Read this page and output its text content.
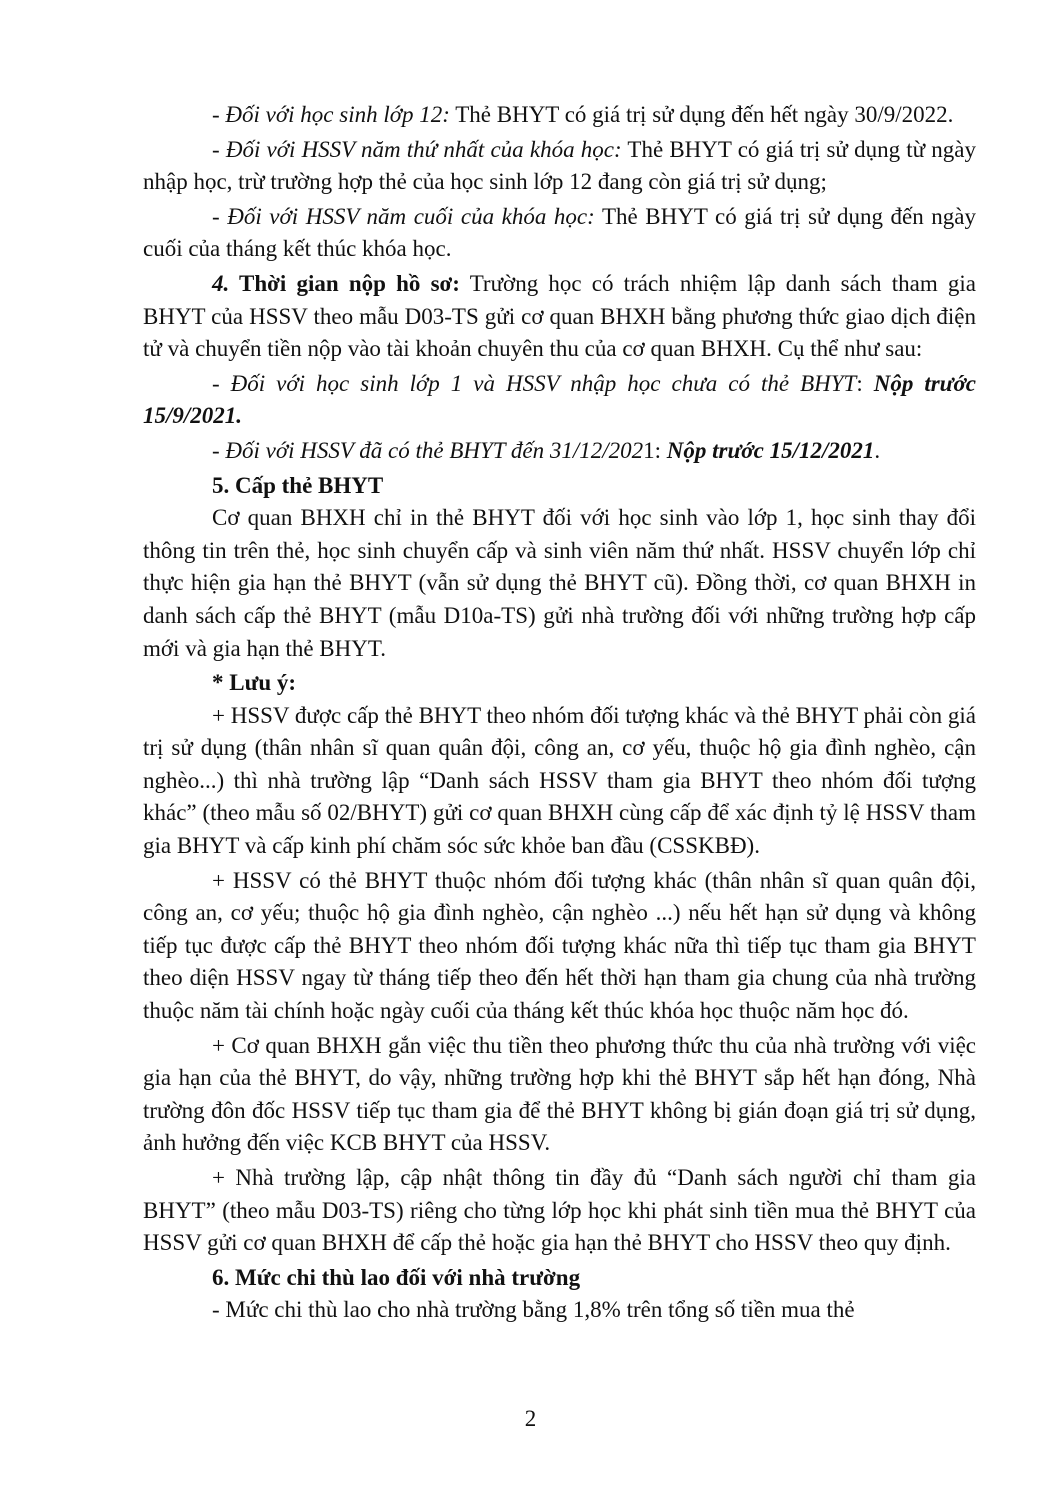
- Đối với học sinh lớp 12: Thẻ BHYT có giá trị sử dụng đến hết ngày 30/9/2022.

- Đối với HSSV năm thứ nhất của khóa học: Thẻ BHYT có giá trị sử dụng từ ngày nhập học, trừ trường hợp thẻ của học sinh lớp 12 đang còn giá trị sử dụng;

- Đối với HSSV năm cuối của khóa học: Thẻ BHYT có giá trị sử dụng đến ngày cuối của tháng kết thúc khóa học.

4. Thời gian nộp hồ sơ: Trường học có trách nhiệm lập danh sách tham gia BHYT của HSSV theo mẫu D03-TS gửi cơ quan BHXH bằng phương thức giao dịch điện tử và chuyển tiền nộp vào tài khoản chuyên thu của cơ quan BHXH. Cụ thể như sau:

- Đối với học sinh lớp 1 và HSSV nhập học chưa có thẻ BHYT: Nộp trước 15/9/2021.

- Đối với HSSV đã có thẻ BHYT đến 31/12/2021: Nộp trước 15/12/2021.

5. Cấp thẻ BHYT

Cơ quan BHXH chỉ in thẻ BHYT đối với học sinh vào lớp 1, học sinh thay đổi thông tin trên thẻ, học sinh chuyển cấp và sinh viên năm thứ nhất. HSSV chuyển lớp chỉ thực hiện gia hạn thẻ BHYT (vẫn sử dụng thẻ BHYT cũ). Đồng thời, cơ quan BHXH in danh sách cấp thẻ BHYT (mẫu D10a-TS) gửi nhà trường đối với những trường hợp cấp mới và gia hạn thẻ BHYT.

* Lưu ý:

+ HSSV được cấp thẻ BHYT theo nhóm đối tượng khác và thẻ BHYT phải còn giá trị sử dụng (thân nhân sĩ quan quân đội, công an, cơ yếu, thuộc hộ gia đình nghèo, cận nghèo...) thì nhà trường lập “Danh sách HSSV tham gia BHYT theo nhóm đối tượng khác” (theo mẫu số 02/BHYT) gửi cơ quan BHXH cùng cấp để xác định tỷ lệ HSSV tham gia BHYT và cấp kinh phí chăm sóc sức khỏe ban đầu (CSSKBĐ).

+ HSSV có thẻ BHYT thuộc nhóm đối tượng khác (thân nhân sĩ quan quân đội, công an, cơ yếu; thuộc hộ gia đình nghèo, cận nghèo ...) nếu hết hạn sử dụng và không tiếp tục được cấp thẻ BHYT theo nhóm đối tượng khác nữa thì tiếp tục tham gia BHYT theo diện HSSV ngay từ tháng tiếp theo đến hết thời hạn tham gia chung của nhà trường thuộc năm tài chính hoặc ngày cuối của tháng kết thúc khóa học thuộc năm học đó.

+ Cơ quan BHXH gắn việc thu tiền theo phương thức thu của nhà trường với việc gia hạn của thẻ BHYT, do vậy, những trường hợp khi thẻ BHYT sắp hết hạn đóng, Nhà trường đôn đốc HSSV tiếp tục tham gia để thẻ BHYT không bị gián đoạn giá trị sử dụng, ảnh hưởng đến việc KCB BHYT của HSSV.

+ Nhà trường lập, cập nhật thông tin đầy đủ “Danh sách người chỉ tham gia BHYT” (theo mẫu D03-TS) riêng cho từng lớp học khi phát sinh tiền mua thẻ BHYT của HSSV gửi cơ quan BHXH để cấp thẻ hoặc gia hạn thẻ BHYT cho HSSV theo quy định.

6. Mức chi thù lao đối với nhà trường

- Mức chi thù lao cho nhà trường bằng 1,8% trên tổng số tiền mua thẻ

2
